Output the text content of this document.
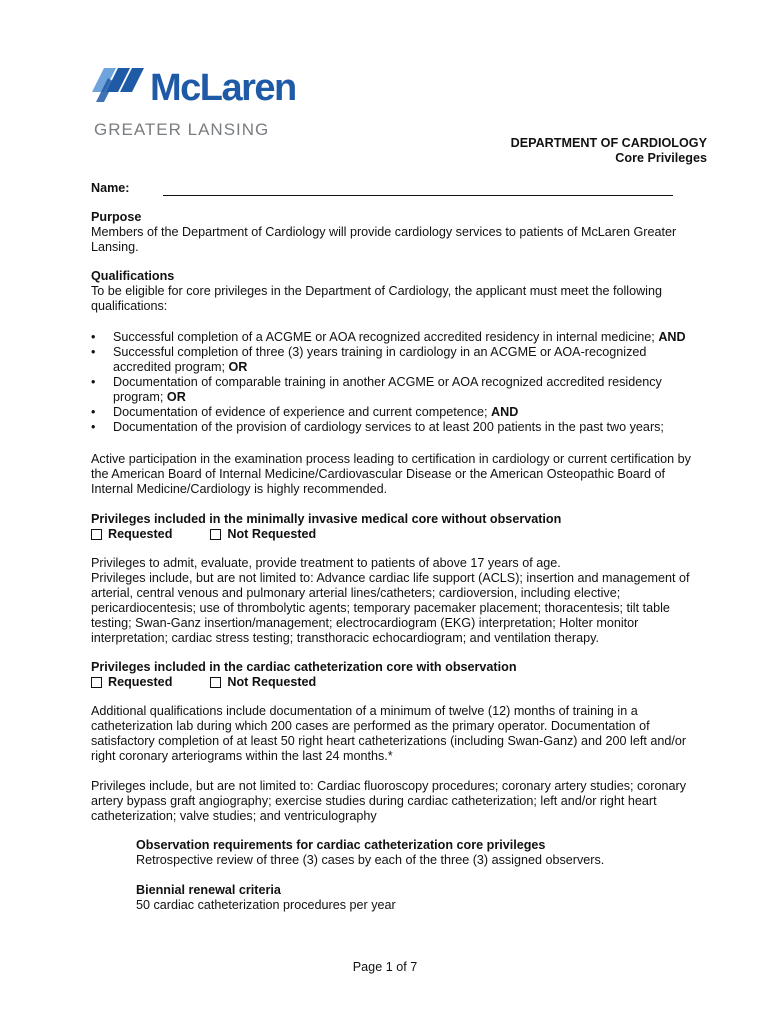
McLaren
GREATER LANSING
DEPARTMENT OF CARDIOLOGY
Core Privileges
Name:
Purpose

Members of the Department of Cardiology will provide cardiology services to patients of McLaren Greater Lansing.

Qualifications

To be eligible for core privileges in the Department of Cardiology, the applicant must meet the following qualifications:

• Successful completion of a ACGME or AOA recognized accredited residency in internal medicine; AND
• Successful completion of three (3) years training in cardiology in an ACGME or AOA-recognized accredited program; OR
• Documentation of comparable training in another ACGME or AOA recognized accredited residency program; OR
• Documentation of evidence of experience and current competence; AND
• Documentation of the provision of cardiology services to at least 200 patients in the past two years;

Active participation in the examination process leading to certification in cardiology or current certification by the American Board of Internal Medicine/Cardiovascular Disease or the American Osteopathic Board of Internal Medicine/Cardiology is highly recommended.

Privileges included in the minimally invasive medical core without observation
Requested	Not Requested

Privileges to admit, evaluate, provide treatment to patients of above 17 years of age.

Privileges include, but are not limited to: Advance cardiac life support (ACLS); insertion and management of arterial, central venous and pulmonary arterial lines/catheters; cardioversion, including elective; pericardiocentesis; use of thrombolytic agents; temporary pacemaker placement; thoracentesis; tilt table testing; Swan-Ganz insertion/management; electrocardiogram (EKG) interpretation; Holter monitor interpretation; cardiac stress testing; transthoracic echocardiogram; and ventilation therapy.

Privileges included in the cardiac catheterization core with observation
Requested	Not Requested

Additional qualifications include documentation of a minimum of twelve (12) months of training in a catheterization lab during which 200 cases are performed as the primary operator. Documentation of satisfactory completion of at least 50 right heart catheterizations (including Swan-Ganz) and 200 left and/or right coronary arteriograms within the last 24 months.*

Privileges include, but are not limited to: Cardiac fluoroscopy procedures; coronary artery studies; coronary artery bypass graft angiography; exercise studies during cardiac catheterization; left and/or right heart catheterization; valve studies; and ventriculography

Observation requirements for cardiac catheterization core privileges

Retrospective review of three (3) cases by each of the three (3) assigned observers.

Biennial renewal criteria

50 cardiac catheterization procedures per year

Page 1 of 7
